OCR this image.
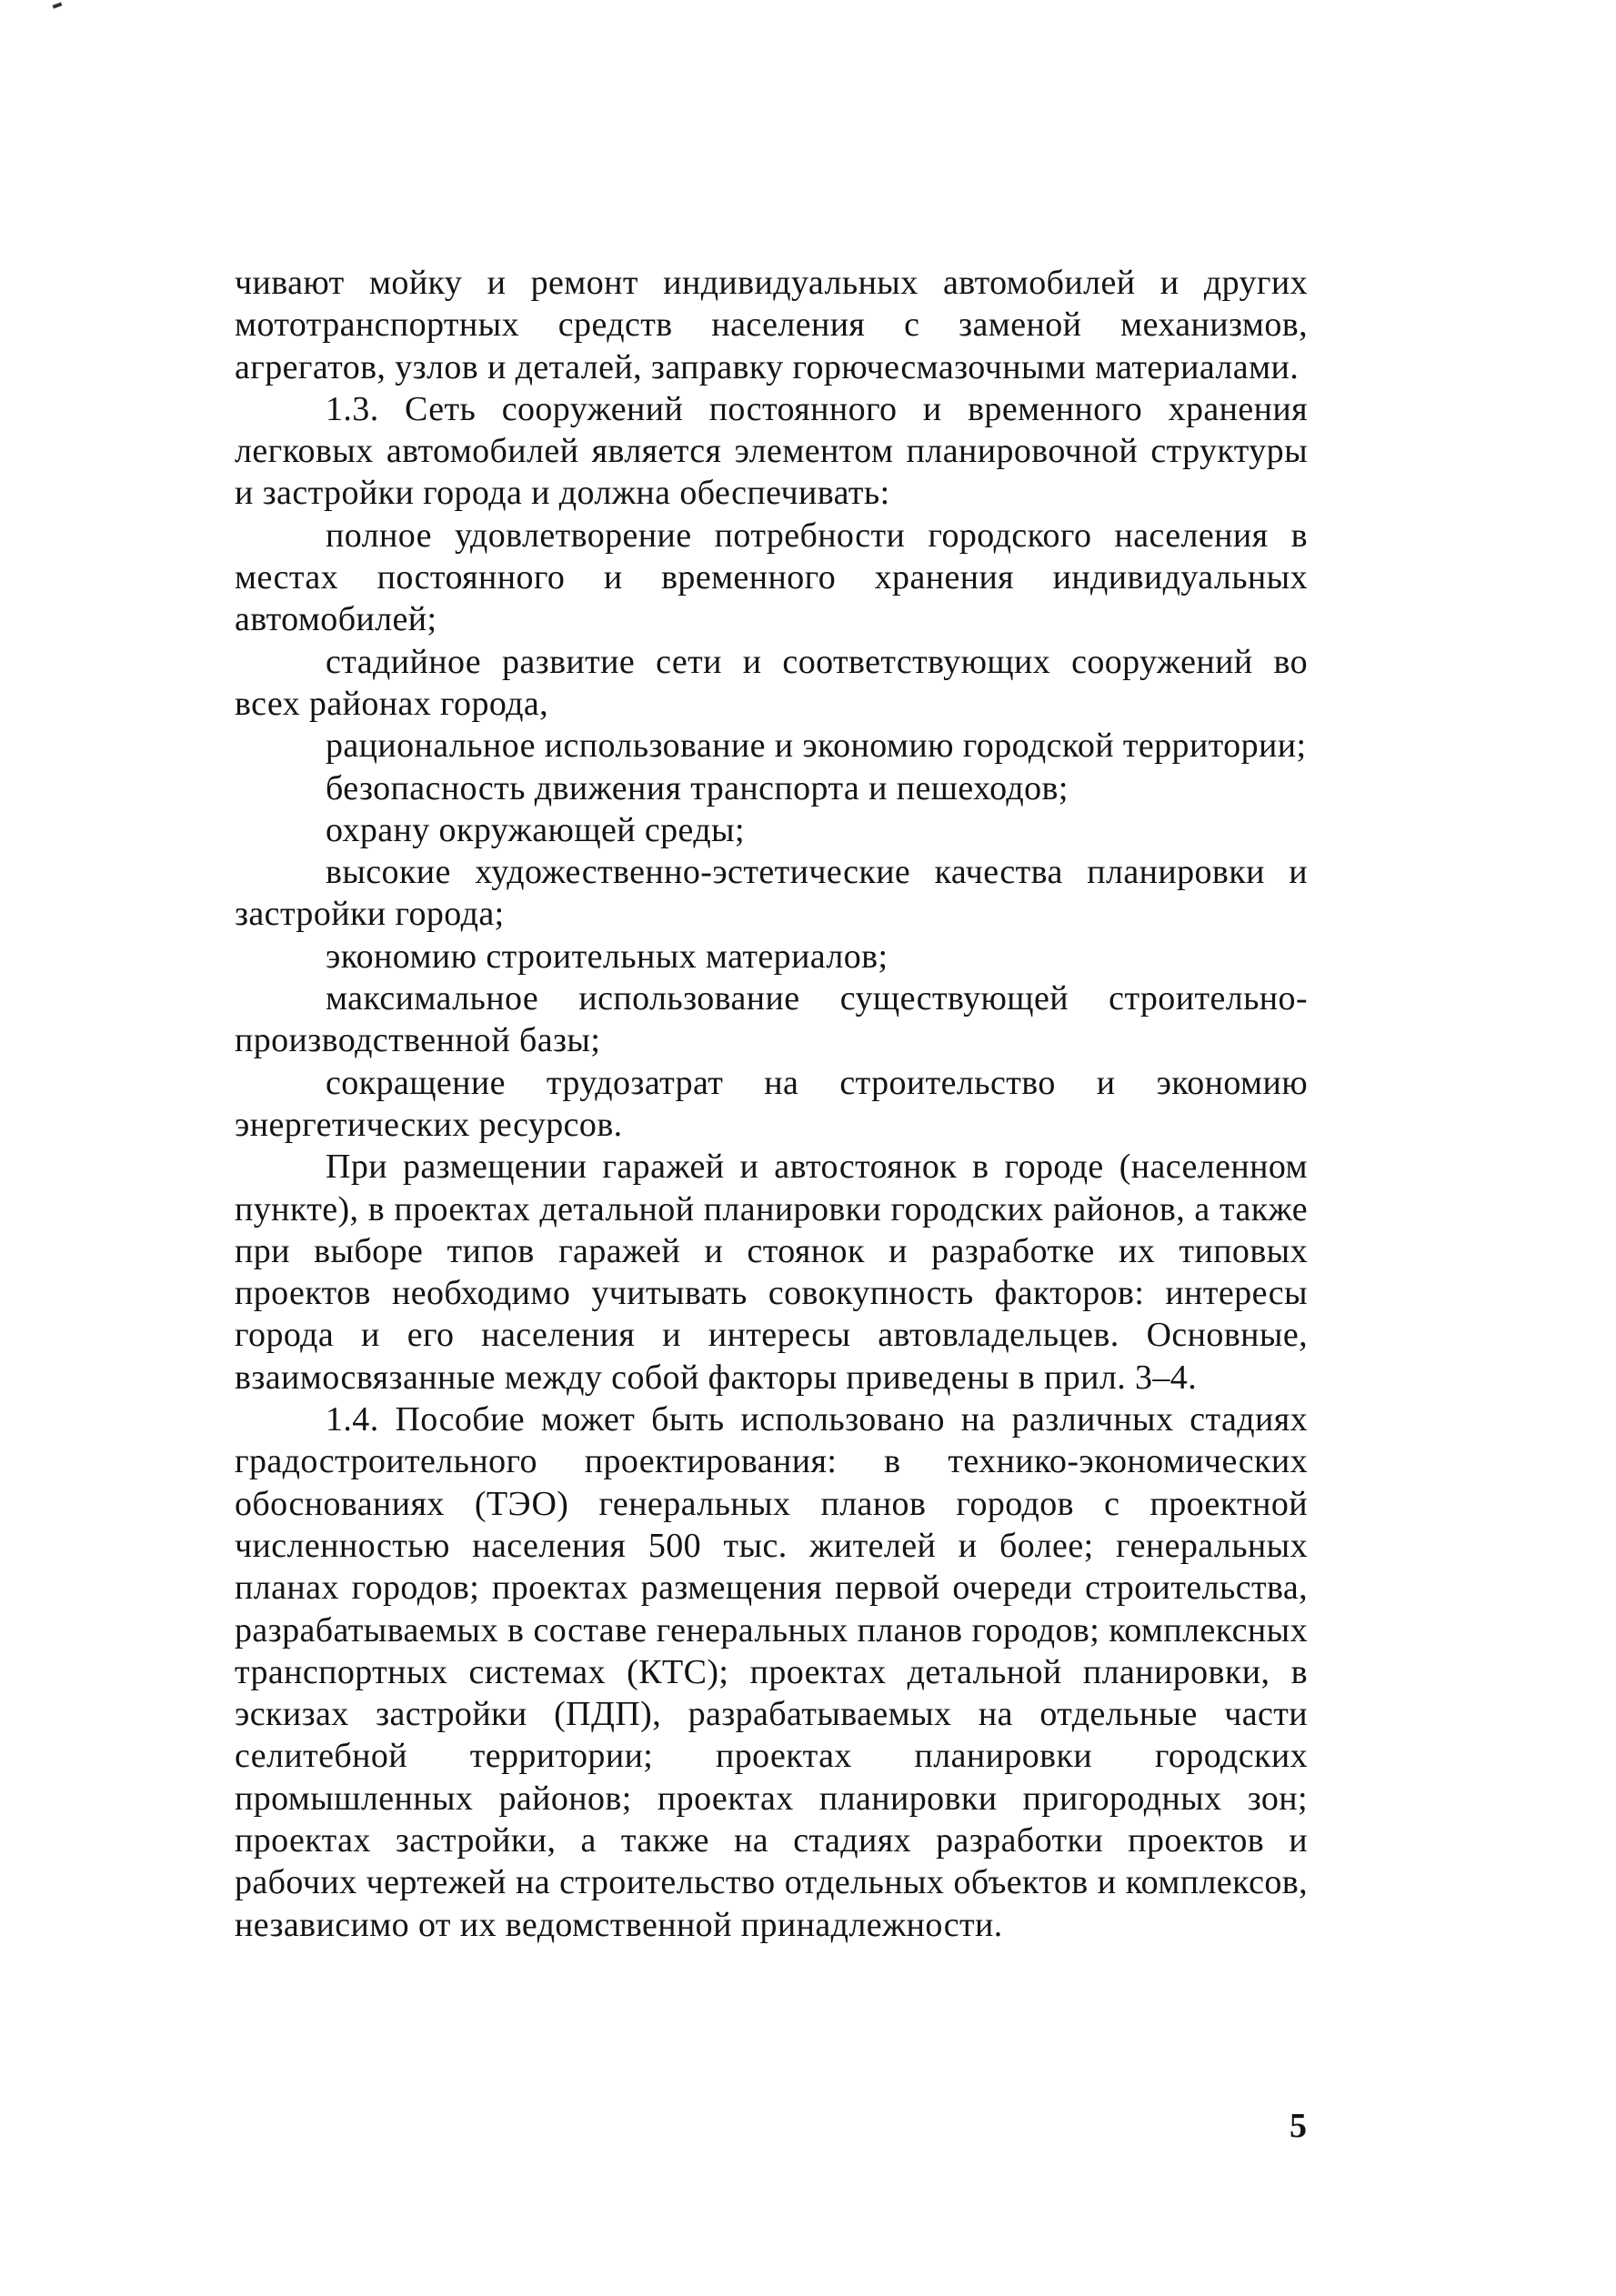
чивают мойку и ремонт индивидуальных автомобилей и других мототранспортных средств населения с заменой механизмов, агрегатов, узлов и деталей, заправку горючесмазочными материалами.

1.3. Сеть сооружений постоянного и временного хранения легковых автомобилей является элементом планировочной структуры и застройки города и должна обеспечивать:

полное удовлетворение потребности городского населения в местах постоянного и временного хранения индивидуальных автомобилей;

стадийное развитие сети и соответствующих сооружений во всех районах города,

рациональное использование и экономию городской территории;

безопасность движения транспорта и пешеходов;

охрану окружающей среды;

высокие художественно-эстетические качества планировки и застройки города;

экономию строительных материалов;

максимальное использование существующей строительно-производственной базы;

сокращение трудозатрат на строительство и экономию энергетических ресурсов.

При размещении гаражей и автостоянок в городе (населенном пункте), в проектах детальной планировки городских районов, а также при выборе типов гаражей и стоянок и разработке их типовых проектов необходимо учитывать совокупность факторов: интересы города и его населения и интересы автовладельцев. Основные, взаимосвязанные между собой факторы приведены в прил. 3–4.

1.4. Пособие может быть использовано на различных стадиях градостроительного проектирования: в технико-экономических обоснованиях (ТЭО) генеральных планов городов с проектной численностью населения 500 тыс. жителей и более; генеральных планах городов; проектах размещения первой очереди строительства, разрабатываемых в составе генеральных планов городов; комплексных транспортных системах (КТС); проектах детальной планировки, в эскизах застройки (ПДП), разрабатываемых на отдельные части селитебной территории; проектах планировки городских промышленных районов; проектах планировки пригородных зон; проектах застройки, а также на стадиях разработки проектов и рабочих чертежей на строительство отдельных объектов и комплексов, независимо от их ведомственной принадлежности.

5
